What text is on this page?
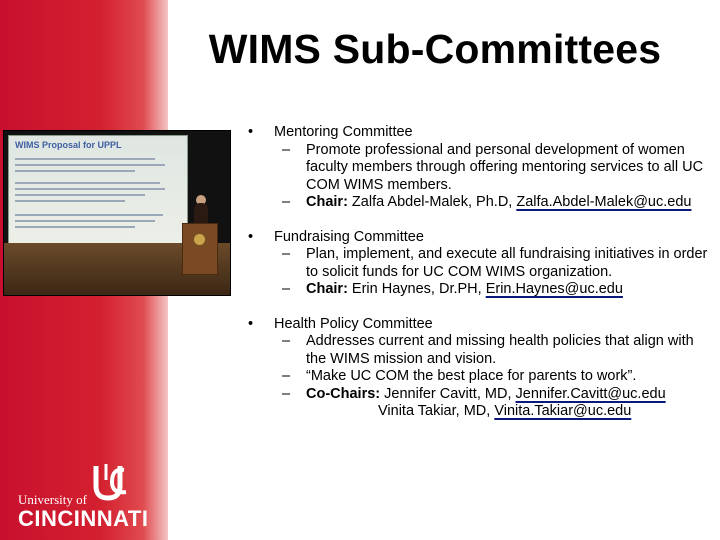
WIMS Sub-Committees
WIMS Proposal for UPPL
University of
CINCINNATI
• Mentoring Committee
– Promote professional and personal development of women faculty members through offering mentoring services to all UC COM WIMS members.
– Chair: Zalfa Abdel-Malek, Ph.D, Zalfa.Abdel-Malek@uc.edu
• Fundraising Committee
– Plan, implement, and execute all fundraising initiatives in order to solicit funds for UC COM WIMS organization.
– Chair: Erin Haynes, Dr.PH, Erin.Haynes@uc.edu
• Health Policy Committee
– Addresses current and missing health policies that align with the WIMS mission and vision.
– “Make UC COM the best place for parents to work”.
– Co-Chairs: Jennifer Cavitt, MD, Jennifer.Cavitt@uc.edu
Vinita Takiar, MD, Vinita.Takiar@uc.edu
